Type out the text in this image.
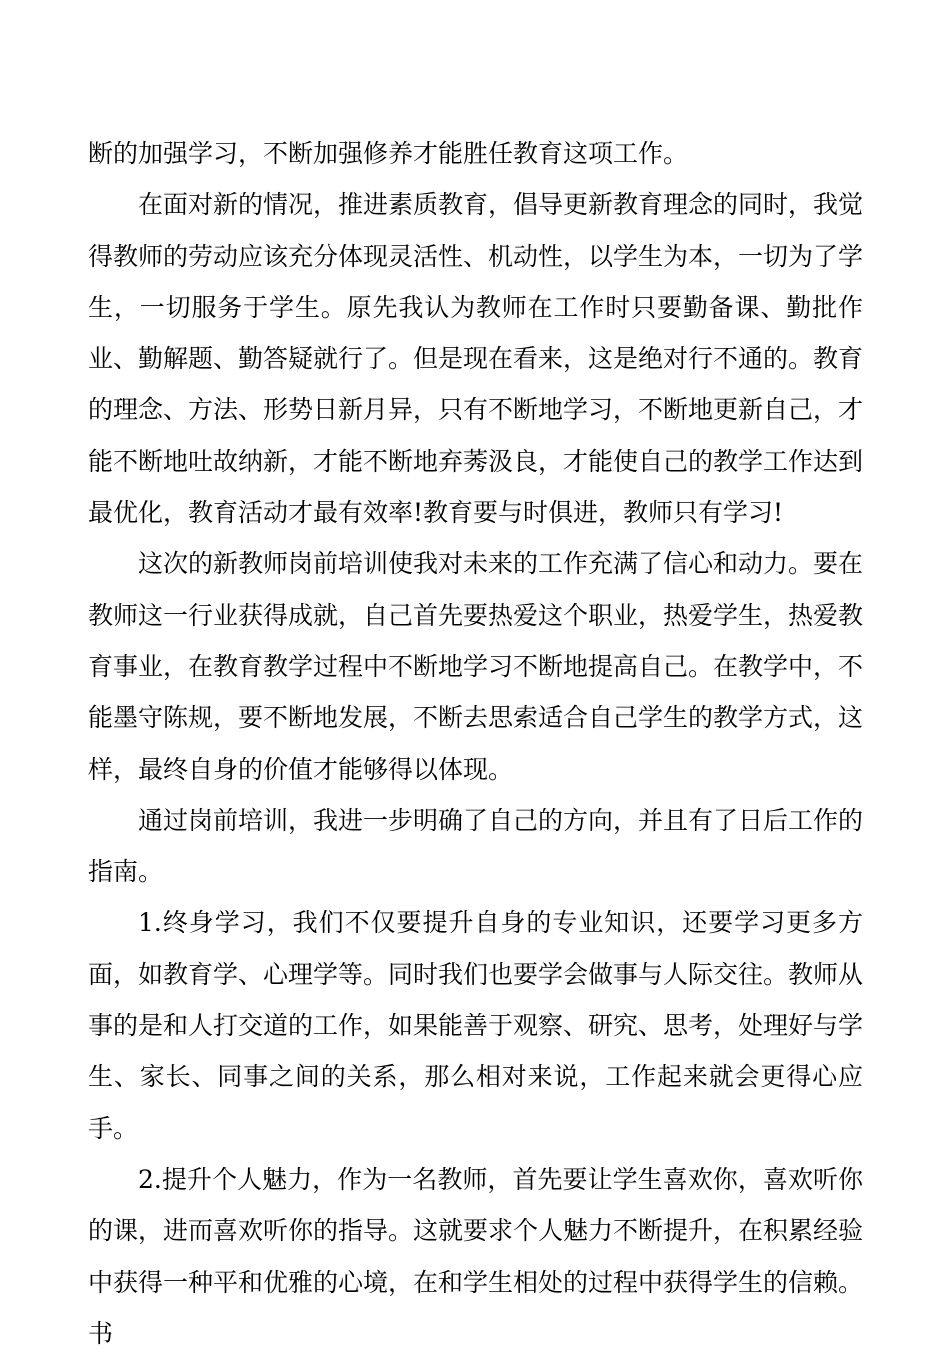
断的加强学习，不断加强修养才能胜任教育这项工作。

在面对新的情况，推进素质教育，倡导更新教育理念的同时，我觉得教师的劳动应该充分体现灵活性、机动性，以学生为本，一切为了学生，一切服务于学生。原先我认为教师在工作时只要勤备课、勤批作业、勤解题、勤答疑就行了。但是现在看来，这是绝对行不通的。教育的理念、方法、形势日新月异，只有不断地学习，不断地更新自己，才能不断地吐故纳新，才能不断地弃莠汲良，才能使自己的教学工作达到最优化，教育活动才最有效率!教育要与时俱进，教师只有学习!

这次的新教师岗前培训使我对未来的工作充满了信心和动力。要在教师这一行业获得成就，自己首先要热爱这个职业，热爱学生，热爱教育事业，在教育教学过程中不断地学习不断地提高自己。在教学中，不能墨守陈规，要不断地发展，不断去思索适合自己学生的教学方式，这样，最终自身的价值才能够得以体现。

通过岗前培训，我进一步明确了自己的方向，并且有了日后工作的指南。

1.终身学习，我们不仅要提升自身的专业知识，还要学习更多方面，如教育学、心理学等。同时我们也要学会做事与人际交往。教师从事的是和人打交道的工作，如果能善于观察、研究、思考，处理好与学生、家长、同事之间的关系，那么相对来说，工作起来就会更得心应手。

2.提升个人魅力，作为一名教师，首先要让学生喜欢你，喜欢听你的课，进而喜欢听你的指导。这就要求个人魅力不断提升，在积累经验中获得一种平和优雅的心境，在和学生相处的过程中获得学生的信赖。书
